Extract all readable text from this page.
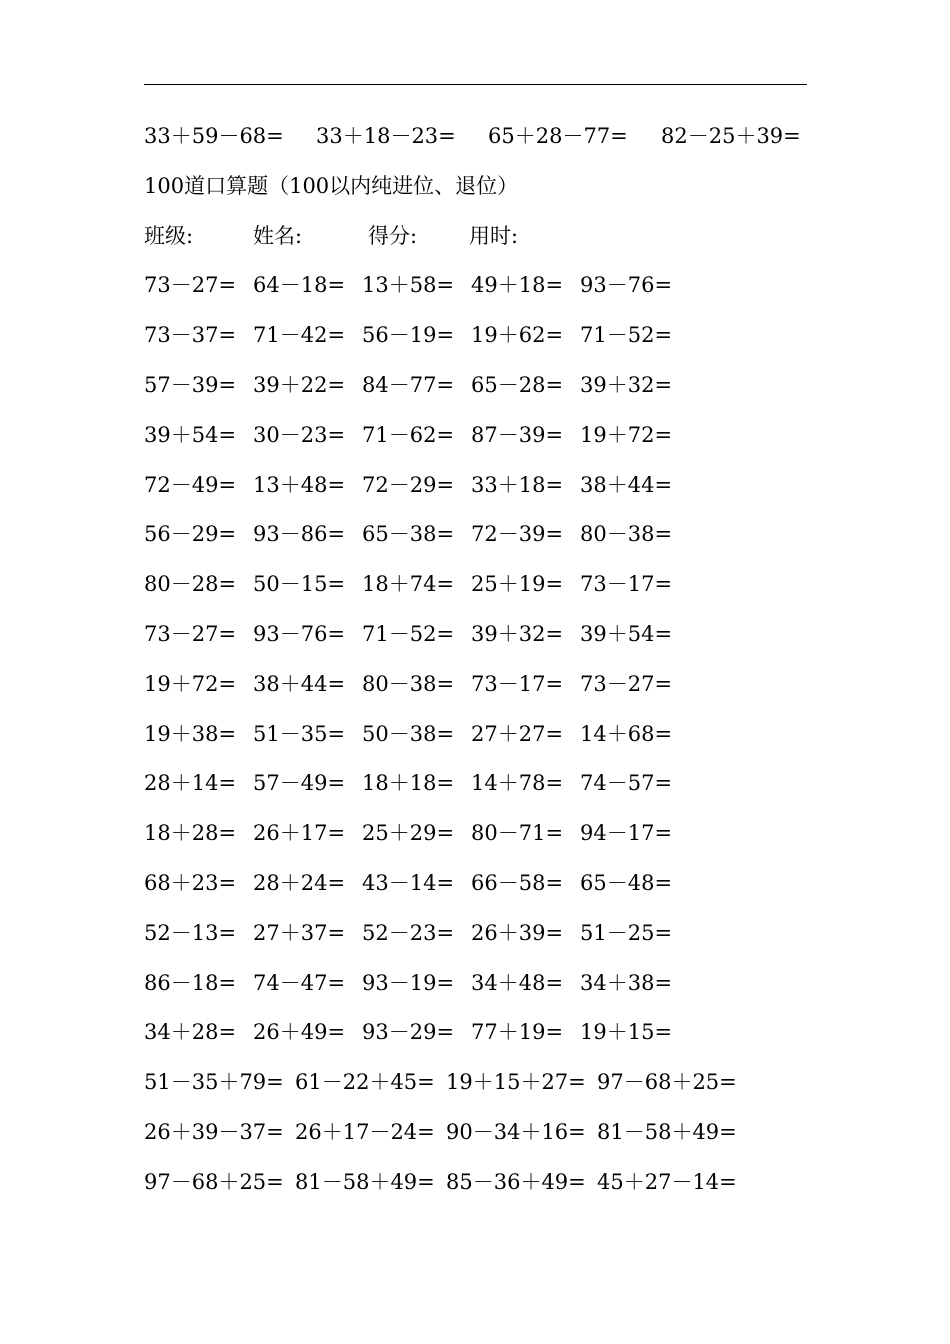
33＋59－68= 33＋18－23= 65＋28－77= 82－25＋39=
100道口算题（100以内纯进位、退位）
班级:	姓名:	得分: 用时:
73－27= 64－18= 13＋58= 49＋18= 93－76=
73－37= 71－42= 56－19= 19＋62= 71－52=
57－39= 39＋22= 84－77= 65－28= 39＋32=
39＋54= 30－23= 71－62= 87－39= 19＋72=
72－49= 13＋48= 72－29= 33＋18= 38＋44=
56－29= 93－86= 65－38= 72－39= 80－38=
80－28= 50－15= 18＋74= 25＋19= 73－17=
73－27= 93－76= 71－52= 39＋32= 39＋54=
19＋72= 38＋44= 80－38= 73－17= 73－27=
19＋38= 51－35= 50－38= 27＋27= 14＋68=
28＋14= 57－49= 18＋18= 14＋78= 74－57=
18＋28= 26＋17= 25＋29= 80－71= 94－17=
68＋23= 28＋24= 43－14= 66－58= 65－48=
52－13= 27＋37= 52－23= 26＋39= 51－25=
86－18= 74－47= 93－19= 34＋48= 34＋38=
34＋28= 26＋49= 93－29= 77＋19= 19＋15=
51－35＋79= 61－22＋45= 19＋15＋27= 97－68＋25=
26＋39－37= 26＋17－24= 90－34＋16= 81－58＋49=
97－68＋25= 81－58＋49= 85－36＋49= 45＋27－14=
